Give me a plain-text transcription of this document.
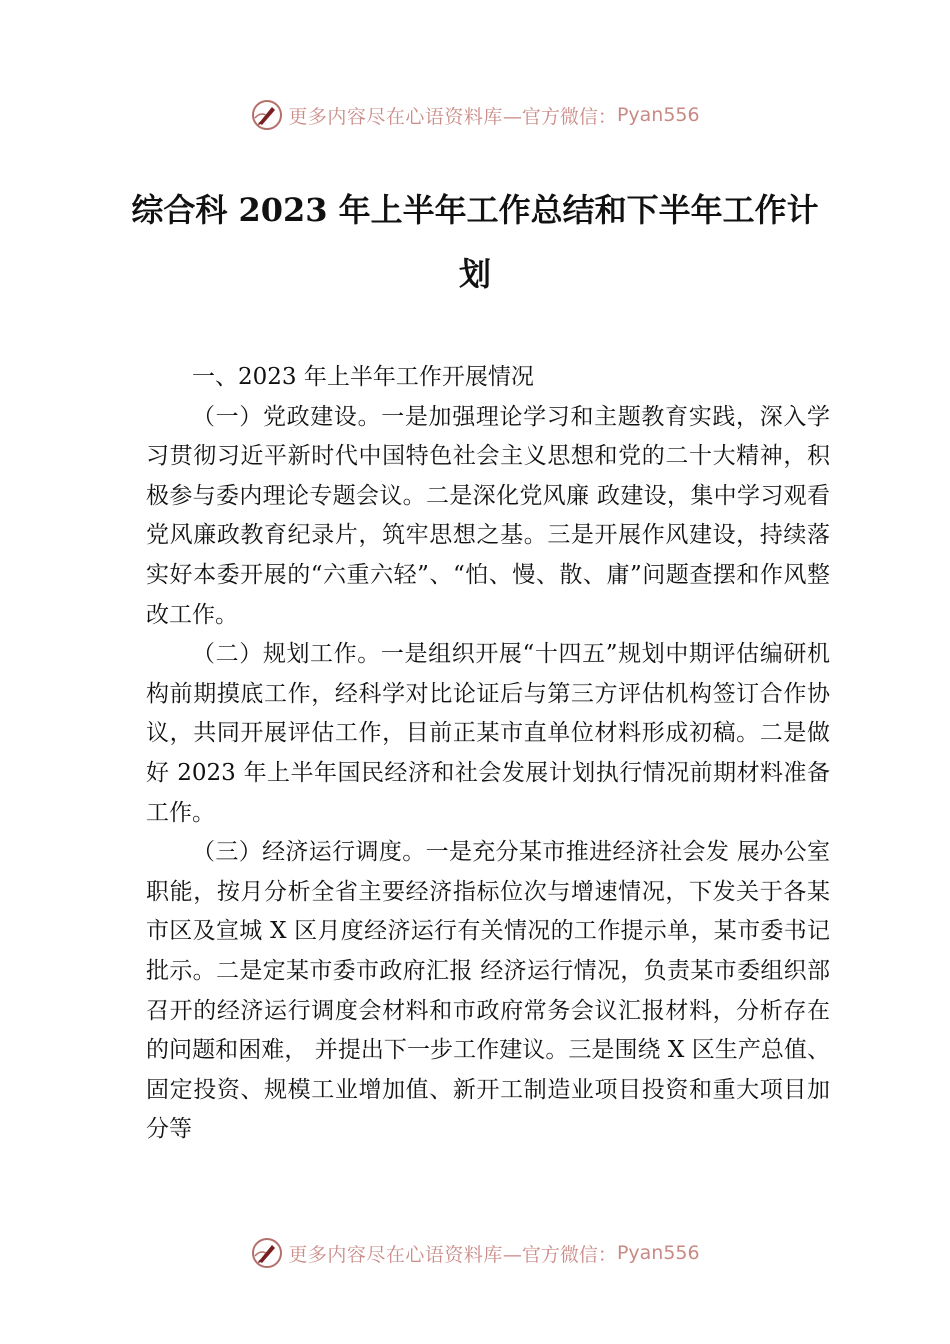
更多内容尽在心语资料库 —官方微信： Pyan556
综合科 2023 年上半年工作总结和下半年工作计划

一、2023 年上半年工作开展情况

（一）党政建设。一是加强理论学习和主题教育实践，深入学习贯彻习近平新时代中国特色社会主义思想和党的二十大精神，积极参与委内理论专题会议。二是深化党风廉 政建设，集中学习观看党风廉政教育纪录片，筑牢思想之基。三是开展作风建设，持续落实好本委开展的“六重六轻”、“怕、慢、散、庸”问题查摆和作风整改工作。

（二）规划工作。一是组织开展“十四五”规划中期评估编研机构前期摸底工作，经科学对比论证后与第三方评估机构签订合作协议，共同开展评估工作，目前正某市直单位材料形成初稿。二是做好 2023 年上半年国民经济和社会发展计划执行情况前期材料准备工作。

（三）经济运行调度。一是充分某市推进经济社会发 展办公室职能，按月分析全省主要经济指标位次与增速情况，下发关于各某市区及宣城 X 区月度经济运行有关情况的工作提示单，某市委书记批示。二是定某市委市政府汇报 经济运行情况，负责某市委组织部召开的经济运行调度会材料和市政府常务会议汇报材料，分析存在的问题和困难， 并提出下一步工作建议。三是围绕 X 区生产总值、固定投资、规模工业增加值、新开工制造业项目投资和重大项目加分等

更多内容尽在心语资料库 —官方微信： Pyan556
